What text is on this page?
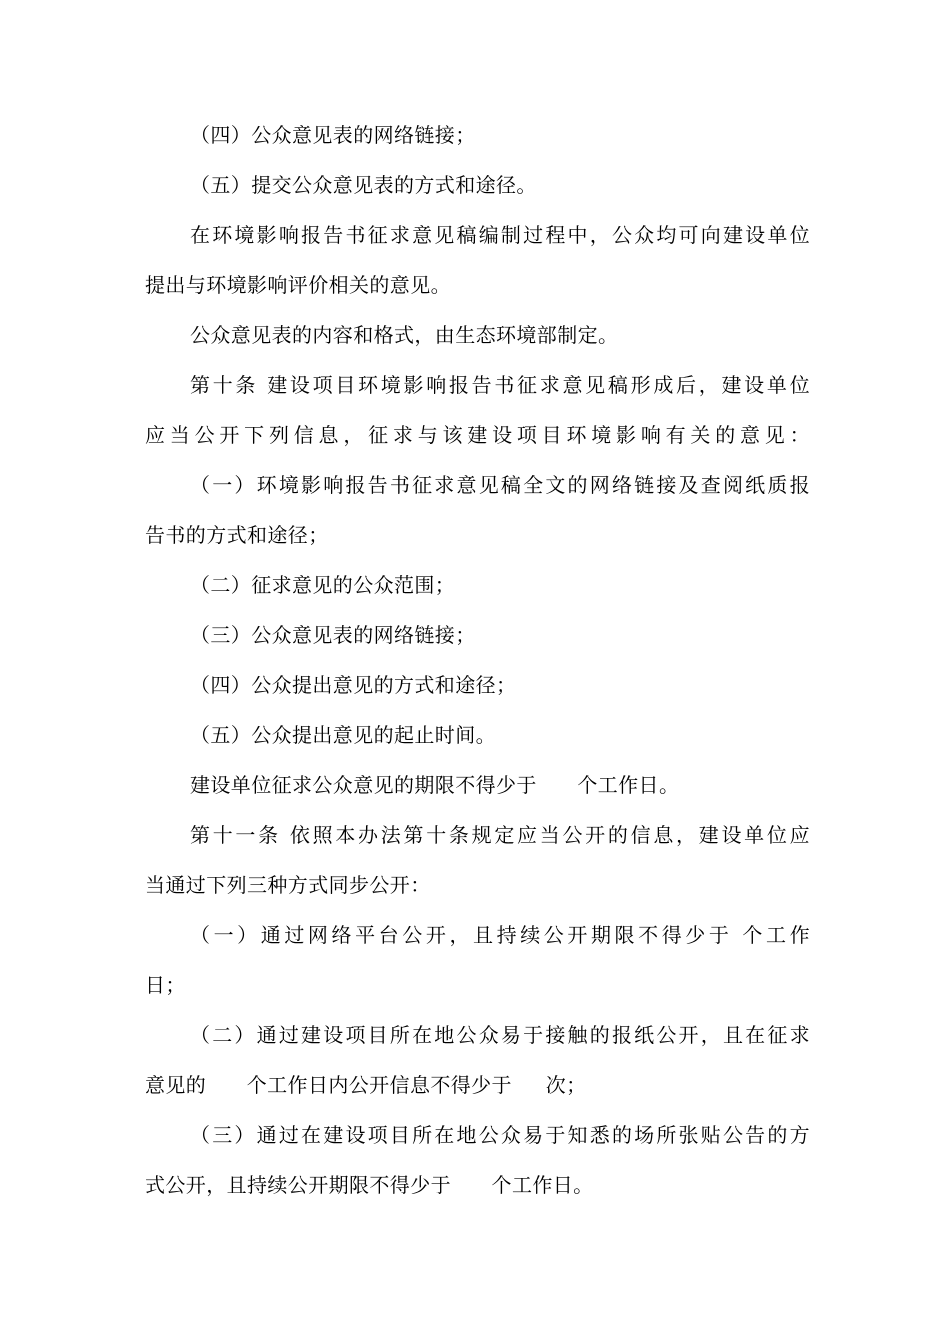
（四）公众意见表的网络链接；
（五）提交公众意见表的方式和途径。
在环境影响报告书征求意见稿编制过程中，公众均可向建设单位
提出与环境影响评价相关的意见。
公众意见表的内容和格式，由生态环境部制定。
第十条 建设项目环境影响报告书征求意见稿形成后，建设单位
应当公开下列信息，征求与该建设项目环境影响有关的意见：
（一）环境影响报告书征求意见稿全文的网络链接及查阅纸质报
告书的方式和途径；
（二）征求意见的公众范围；
（三）公众意见表的网络链接；
（四）公众提出意见的方式和途径；
（五）公众提出意见的起止时间。
建设单位征求公众意见的期限不得少于      个工作日。
第十一条 依照本办法第十条规定应当公开的信息，建设单位应
当通过下列三种方式同步公开：
（一）通过网络平台公开，且持续公开期限不得少于 个工作
日；
（二）通过建设项目所在地公众易于接触的报纸公开，且在征求
意见的      个工作日内公开信息不得少于     次；
（三）通过在建设项目所在地公众易于知悉的场所张贴公告的方
式公开，且持续公开期限不得少于      个工作日。
